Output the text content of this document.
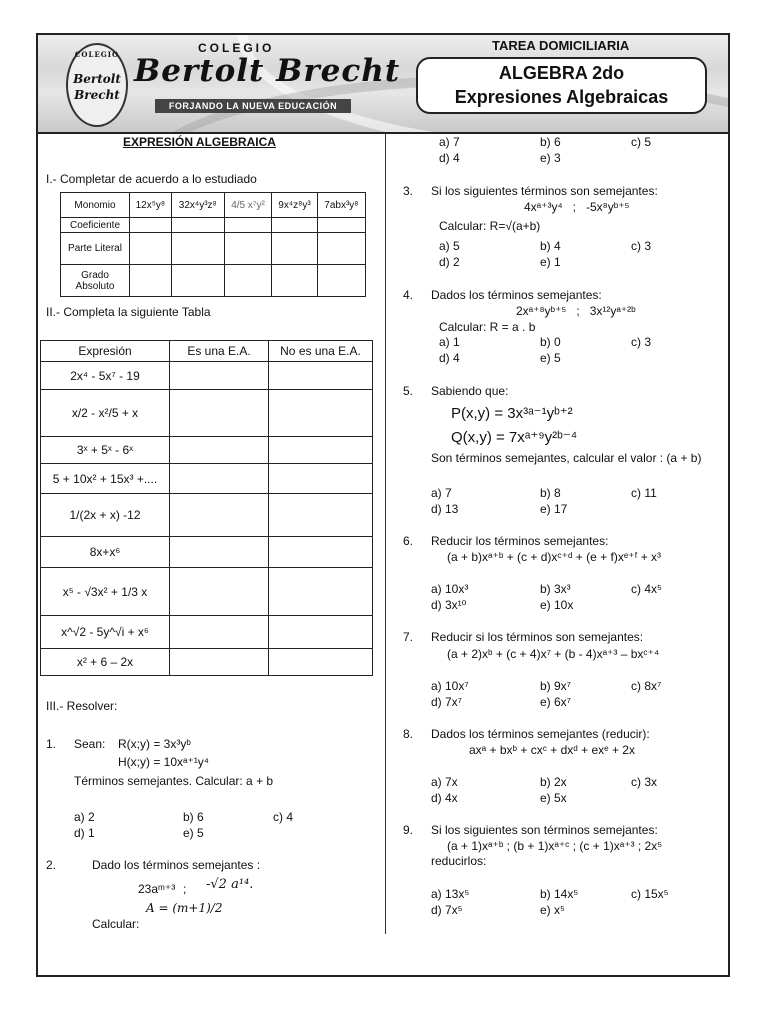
COLEGIO
Bertolt
Brecht
COLEGIO
Bertolt Brecht
FORJANDO LA NUEVA EDUCACIÓN
TAREA DOMICILIARIA
ALGEBRA 2do
Expresiones Algebraicas
EXPRESIÓN ALGEBRAICA
I.- Completar de acuerdo a lo estudiado
Monomio	12x⁵y⁸	32x⁴y³z⁸	4/5 x⁷y²	9x⁴z⁸y³	7abx³y⁸
Coeficiente					
Parte Literal					
Grado Absoluto					
II.- Completa la siguiente Tabla
Expresión	Es una E.A.	No es una E.A.
2x⁴ - 5x⁷ - 19		
x/2 - x²/5 + x		
3ˣ + 5ˣ - 6ˣ		
5 + 10x² + 15x³ +....		
1/(2x + x) -12		
8x+x⁶		
x⁵ - √3x² + 1/3 x		
x^√2 - 5y^√i + x⁶		
x² + 6 – 2x		
III.- Resolver:
1. Sean: R(x;y) = 3x³yᵇ
H(x;y) = 10xᵃ⁺¹y⁴
Términos semejantes. Calcular: a + b
a) 2	b) 6	c) 4
d) 1	e) 5
2.	Dado los términos semejantes :
23aᵐ⁺³ ; -√2 a¹⁴.
Calcular:
A = (m+1)/2
a) 7	b) 6	c) 5
d) 4	e) 3
3. Si los siguientes términos son semejantes:
4xᵃ⁺³y⁴   ;   -5x⁸yᵇ⁺⁵
Calcular: R=√(a+b)
a) 5	b) 4	c) 3
d) 2	e) 1
4. Dados los términos semejantes:
2xᵃ⁺⁸yᵇ⁺⁵   ;   3x¹²yᵃ⁺²ᵇ
Calcular: R = a . b
a) 1	b) 0	c) 3
d) 4	e) 5
5. Sabiendo que:
P(x,y) = 3x³ᵃ⁻¹yᵇ⁺²
Q(x,y) = 7xᵃ⁺⁹y²ᵇ⁻⁴
Son términos semejantes, calcular el valor : (a + b)
a) 7	b) 8	c) 11
d) 13	e) 17
6. Reducir los términos semejantes:
(a + b)xᵃ⁺ᵇ + (c + d)xᶜ⁺ᵈ + (e + f)xᵉ⁺ᶠ + x³
a) 10x³	b) 3x³	c) 4x⁵
d) 3x¹⁰	e) 10x
7. Reducir si los términos son semejantes:
(a + 2)xᵇ + (c + 4)x⁷ + (b - 4)xᵃ⁺³ – bxᶜ⁺⁴
a) 10x⁷	b) 9x⁷	c) 8x⁷
d) 7x⁷	e) 6x⁷
8. Dados los términos semejantes (reducir):
axᵃ + bxᵇ + cxᶜ + dxᵈ + exᵉ + 2x
a) 7x	b) 2x	c) 3x
d) 4x	e) 5x
9. Si los siguientes son términos semejantes:
(a + 1)xᵃ⁺ᵇ ; (b + 1)xᵃ⁺ᶜ ; (c + 1)xᵃ⁺³ ; 2x⁵
reducirlos:
a) 13x⁵	b) 14x⁵	c) 15x⁵
d) 7x⁵	e) x⁵
